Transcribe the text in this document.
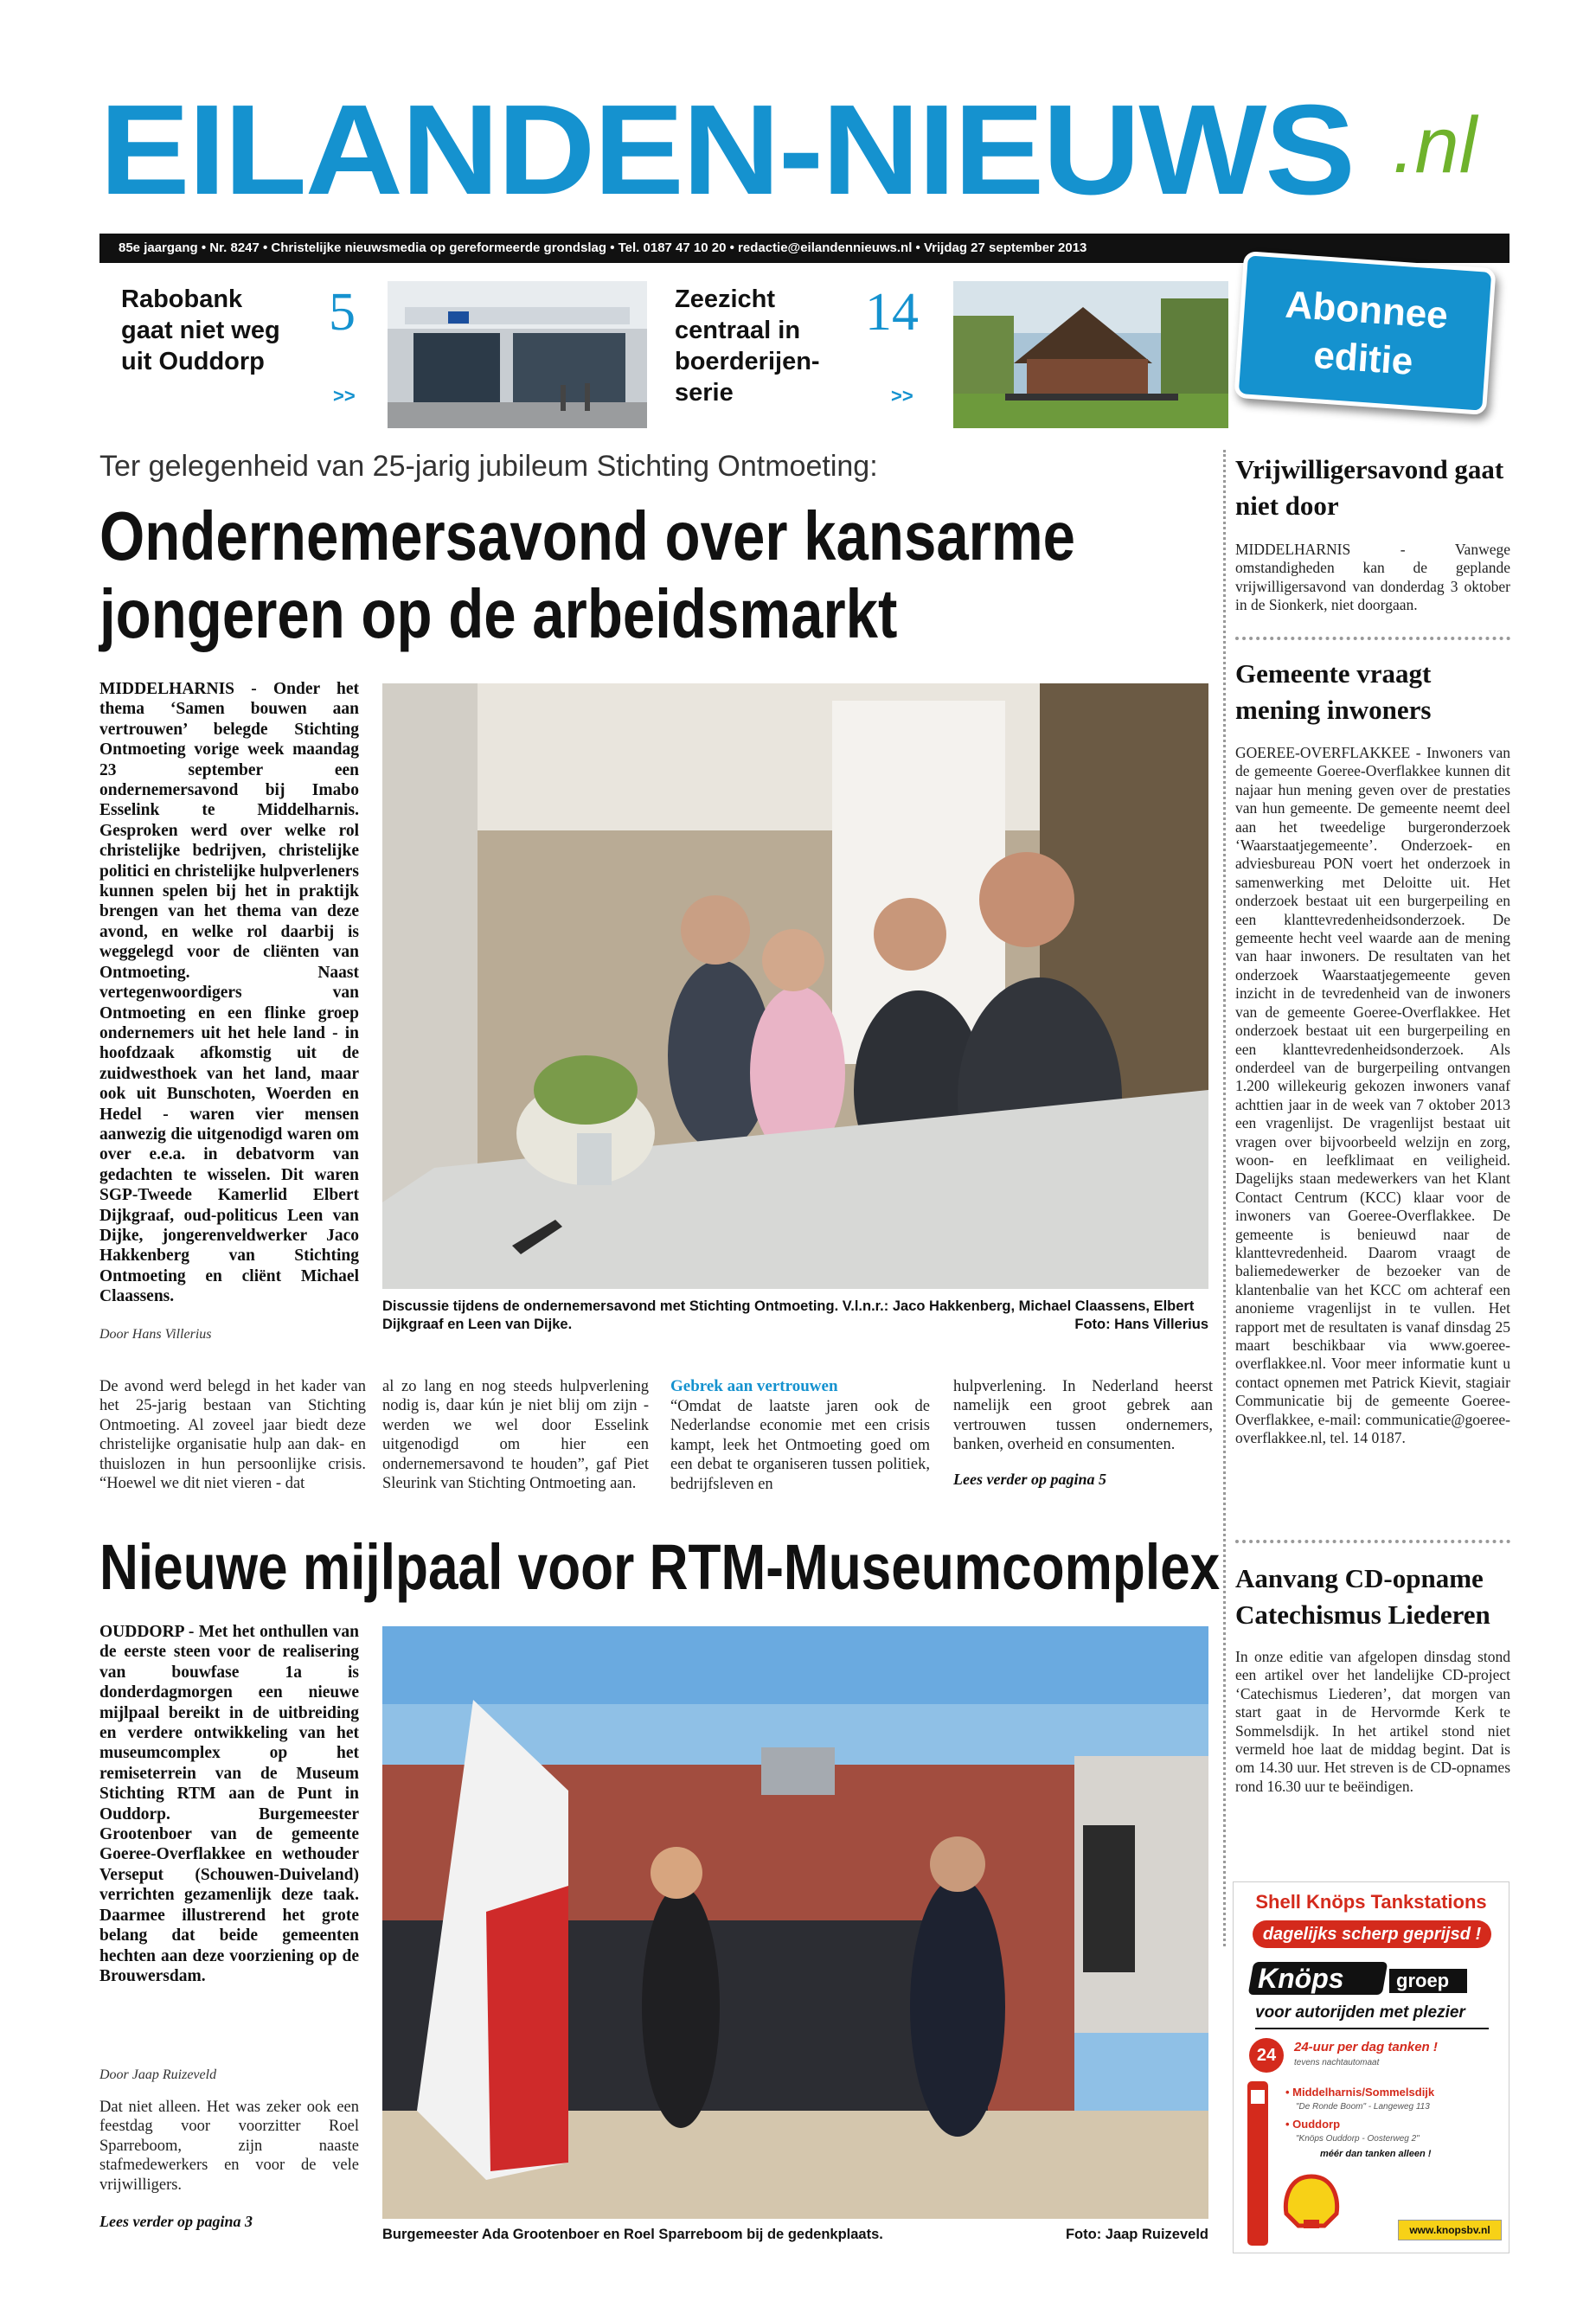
EILANDEN-NIEUWS .nl
85e jaargang • Nr. 8247 • Christelijke nieuwsmedia op gereformeerde grondslag • Tel. 0187 47 10 20 • redactie@eilandennieuws.nl • Vrijdag 27 september 2013
Rabobank gaat niet weg uit Ouddorp
5
>>
Zeezicht centraal in boerderijen-serie
14
>>
Abonnee
editie
Ter gelegenheid van 25-jarig jubileum Stichting Ontmoeting:
Ondernemersavond over kansarme
jongeren op de arbeidsmarkt
MIDDELHARNIS - Onder het thema ‘Samen bouwen aan vertrouwen’ belegde Stichting Ontmoeting vorige week maandag 23 september een ondernemersavond bij Imabo Esselink te Middelharnis. Gesproken werd over welke rol christelijke bedrijven, christelijke politici en christelijke hulpverleners kunnen spelen bij het in praktijk brengen van het thema van deze avond, en welke rol daarbij is weggelegd voor de cliënten van Ontmoeting. Naast vertegenwoordigers van Ontmoeting en een flinke groep ondernemers uit het hele land - in hoofdzaak afkomstig uit de zuidwesthoek van het land, maar ook uit Bunschoten, Woerden en Hedel - waren vier mensen aanwezig die uitgenodigd waren om over e.e.a. in debatvorm van gedachten te wisselen. Dit waren SGP-Tweede Kamerlid Elbert Dijkgraaf, oud-politicus Leen van Dijke, jongerenveldwerker Jaco Hakkenberg van Stichting Ontmoeting en cliënt Michael Claassens.
Door Hans Villerius
Discussie tijdens de ondernemersavond met Stichting Ontmoeting. V.l.n.r.: Jaco Hakkenberg, Michael Claassens, Elbert Dijkgraaf en Leen van Dijke.	Foto: Hans Villerius
De avond werd belegd in het kader van het 25-jarig bestaan van Stichting Ontmoeting. Al zoveel jaar biedt deze christelijke organisatie hulp aan dak- en thuislozen in hun persoonlijke crisis. “Hoewel we dit niet vieren - dat
al zo lang en nog steeds hulpverlening nodig is, daar kún je niet blij om zijn - werden we wel door Esselink uitgenodigd om hier een ondernemersavond te houden”, gaf Piet Sleurink van Stichting Ontmoeting aan.
Gebrek aan vertrouwen
“Omdat de laatste jaren ook de Nederlandse economie met een crisis kampt, leek het Ontmoeting goed om een debat te organiseren tussen politiek, bedrijfsleven en
hulpverlening. In Nederland heerst namelijk een groot gebrek aan vertrouwen tussen ondernemers, banken, overheid en consumenten.
Lees verder op pagina 5
Nieuwe mijlpaal voor RTM-Museumcomplex
OUDDORP - Met het onthullen van de eerste steen voor de realisering van bouwfase 1a is donderdagmorgen een nieuwe mijlpaal bereikt in de uitbreiding en verdere ontwikkeling van het museumcomplex op het remiseterrein van de Museum Stichting RTM aan de Punt in Ouddorp. Burgemeester Grootenboer van de gemeente Goeree-Overflakkee en wethouder Verseput (Schouwen-Duiveland) verrichten gezamenlijk deze taak. Daarmee illustrerend het grote belang dat beide gemeenten hechten aan deze voorziening op de Brouwersdam.
Door Jaap Ruizeveld
Dat niet alleen. Het was zeker ook een feestdag voor voorzitter Roel Sparreboom, zijn naaste stafmedewerkers en voor de vele vrijwilligers.
Lees verder op pagina 3
Burgemeester Ada Grootenboer en Roel Sparreboom bij de gedenkplaats.	Foto: Jaap Ruizeveld
Vrijwilligersavond gaat niet door
MIDDELHARNIS - Vanwege omstandigheden kan de geplande vrijwilligersavond van donderdag 3 oktober in de Sionkerk, niet doorgaan.
Gemeente vraagt mening inwoners
GOEREE-OVERFLAKKEE - Inwoners van de gemeente Goeree-Overflakkee kunnen dit najaar hun mening geven over de prestaties van hun gemeente. De gemeente neemt deel aan het tweedelige burgeronderzoek ‘Waarstaatjegemeente’. Onderzoek- en adviesbureau PON voert het onderzoek in samenwerking met Deloitte uit. Het onderzoek bestaat uit een burgerpeiling en een klanttevredenheidsonderzoek. De gemeente hecht veel waarde aan de mening van haar inwoners. De resultaten van het onderzoek Waarstaatjegemeente geven inzicht in de tevredenheid van de inwoners van de gemeente Goeree-Overflakkee. Het onderzoek bestaat uit een burgerpeiling en een klanttevredenheidsonderzoek. Als onderdeel van de burgerpeiling ontvangen 1.200 willekeurig gekozen inwoners vanaf achttien jaar in de week van 7 oktober 2013 een vragenlijst. De vragenlijst bestaat uit vragen over bijvoorbeeld welzijn en zorg, woon- en leefklimaat en veiligheid. Dagelijks staan medewerkers van het Klant Contact Centrum (KCC) klaar voor de inwoners van Goeree-Overflakkee. De gemeente is benieuwd naar de klanttevredenheid. Daarom vraagt de baliemedewerker de bezoeker van de klantenbalie van het KCC om achteraf een anonieme vragenlijst in te vullen. Het rapport met de resultaten is vanaf dinsdag 25 maart beschikbaar via www.goeree-overflakkee.nl. Voor meer informatie kunt u contact opnemen met Patrick Kievit, stagiair Communicatie bij de gemeente Goeree-Overflakkee, e-mail: communicatie@goeree-overflakkee.nl, tel. 14 0187.
Aanvang CD-opname Catechismus Liederen
In onze editie van afgelopen dinsdag stond een artikel over het landelijke CD-project ‘Catechismus Liederen’, dat morgen van start gaat in de Hervormde Kerk te Sommelsdijk. In het artikel stond niet vermeld hoe laat de middag begint. Dat is om 14.30 uur. Het streven is de CD-opnames rond 16.30 uur te beëindigen.
Shell Knöps Tankstations
dagelijks scherp geprijsd !
Knöps	groep
voor autorijden met plezier
24	24-uur per dag tanken !
tevens nachtautomaat
• Middelharnis/Sommelsdijk
"De Ronde Boom" - Langeweg 113
• Ouddorp
"Knöps Ouddorp - Oosterweg 2"
méér dan tanken alleen !
www.knopsbv.nl
